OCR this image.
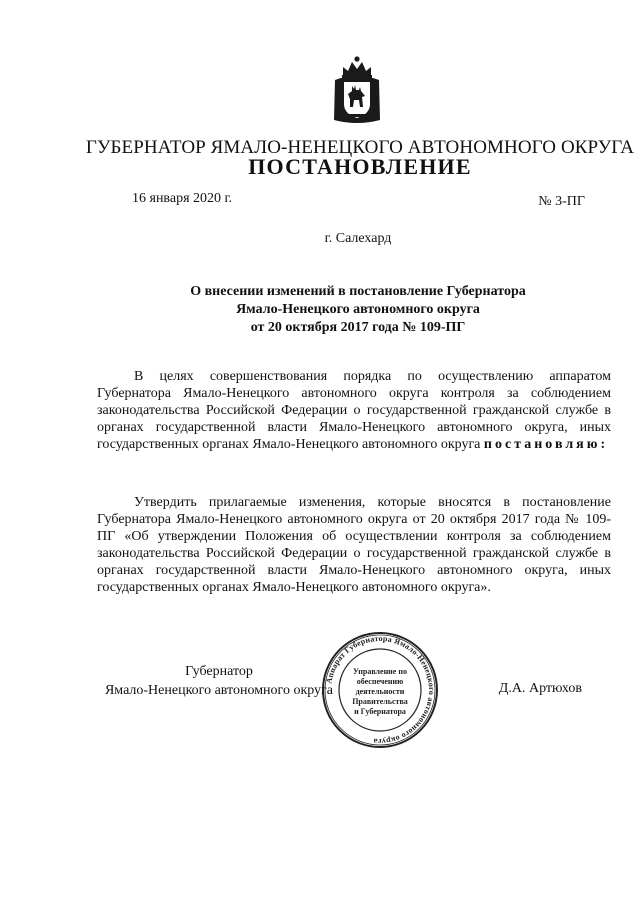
ГУБЕРНАТОР ЯМАЛО-НЕНЕЦКОГО АВТОНОМНОГО ОКРУГА
ПОСТАНОВЛЕНИЕ
16 января 2020 г.	№ 3-ПГ
г. Салехард
О внесении изменений в постановление Губернатора
Ямало-Ненецкого автономного округа
от 20 октября 2017 года № 109-ПГ
В целях совершенствования порядка по осуществлению аппаратом Губернатора Ямало-Ненецкого автономного округа контроля за соблюдением законодательства Российской Федерации о государственной гражданской службе в органах государственной власти Ямало-Ненецкого автономного округа, иных государственных органах Ямало-Ненецкого автономного округа постановляю:
Утвердить прилагаемые изменения, которые вносятся в постановление Губернатора Ямало-Ненецкого автономного округа от 20 октября 2017 года № 109-ПГ «Об утверждении Положения об осуществлении контроля за соблюдением законодательства Российской Федерации о государственной гражданской службе в органах государственной власти Ямало-Ненецкого автономного округа, иных государственных органах Ямало-Ненецкого автономного округа».
Губернатор
Ямало-Ненецкого автономного округа	Д.А. Артюхов
Аппарат Губернатора Ямало-Ненецкого автономного округа
Управление по
обеспечению
деятельности
Правительства
и Губернатора
